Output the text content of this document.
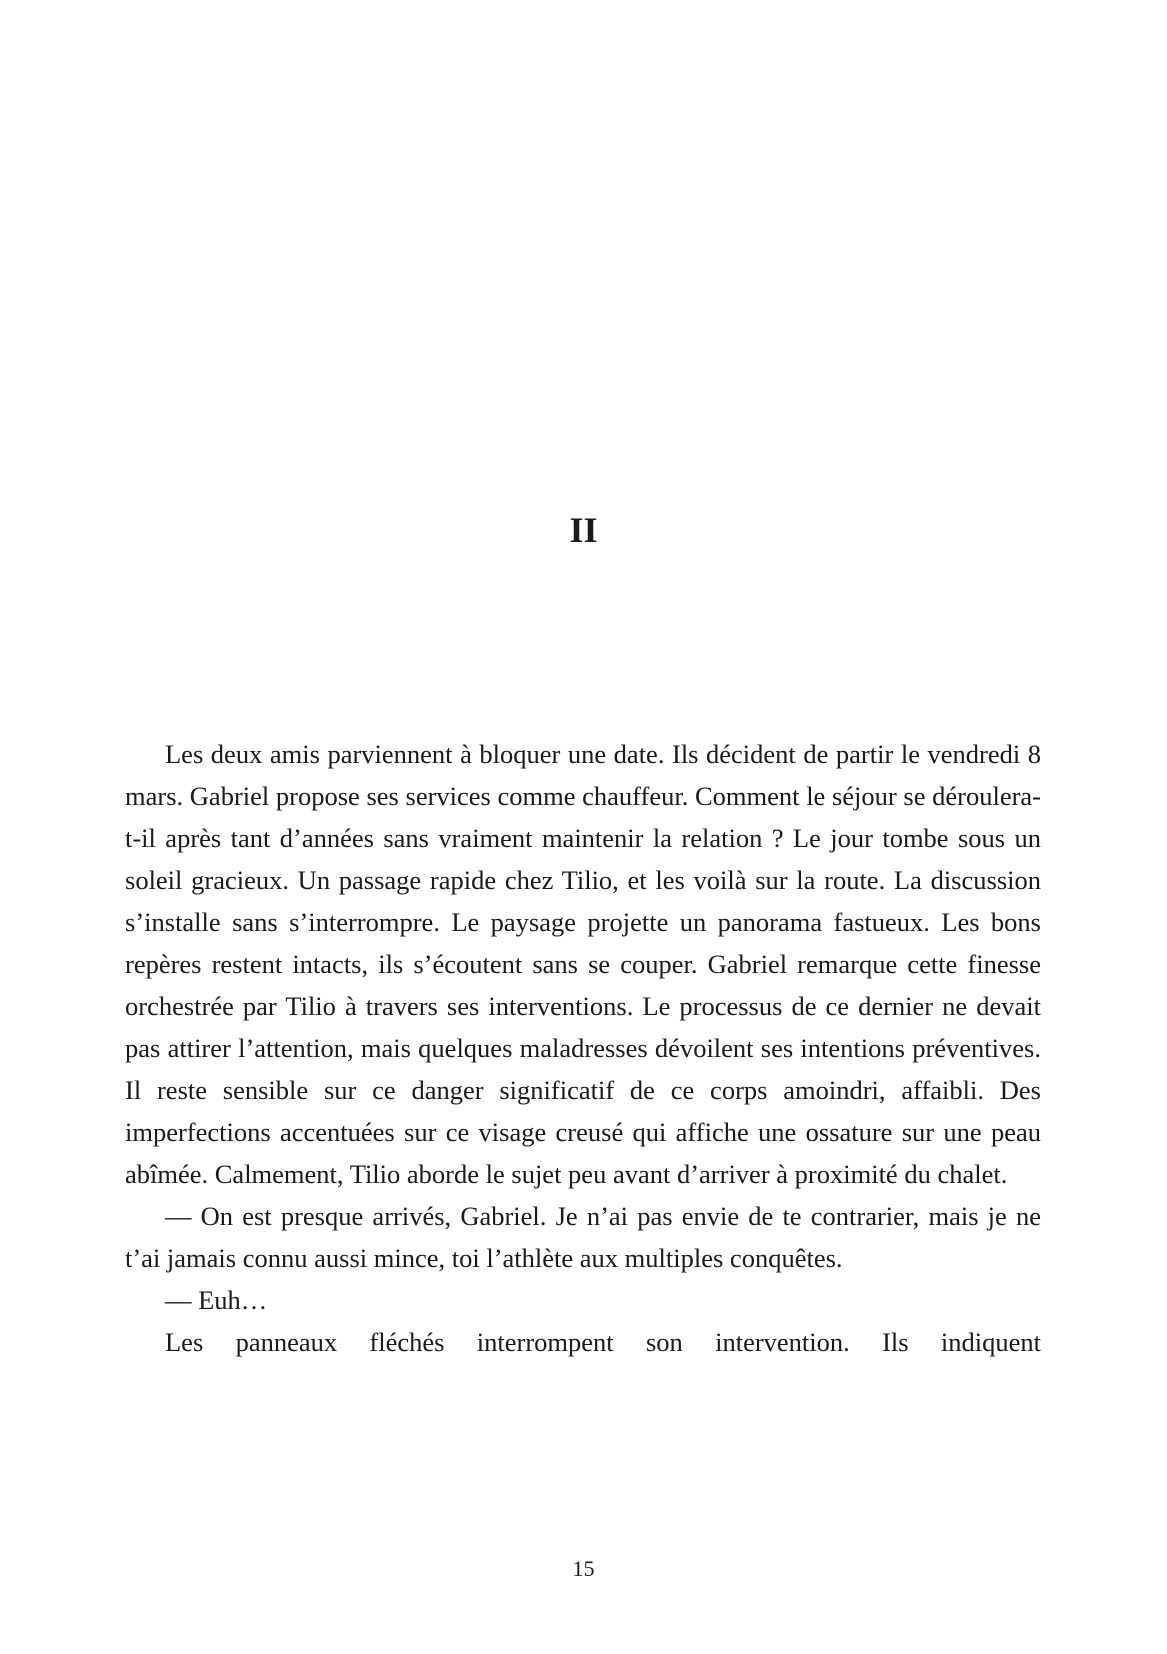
II

Les deux amis parviennent à bloquer une date. Ils décident de partir le vendredi 8 mars. Gabriel propose ses services comme chauffeur. Comment le séjour se déroulera-t-il après tant d’années sans vraiment maintenir la relation ? Le jour tombe sous un soleil gracieux. Un passage rapide chez Tilio, et les voilà sur la route. La discussion s’installe sans s’interrompre. Le paysage projette un panorama fastueux. Les bons repères restent intacts, ils s’écoutent sans se couper. Gabriel remarque cette finesse orchestrée par Tilio à travers ses interventions. Le processus de ce dernier ne devait pas attirer l’attention, mais quelques maladresses dévoilent ses intentions préventives. Il reste sensible sur ce danger significatif de ce corps amoindri, affaibli. Des imperfections accentuées sur ce visage creusé qui affiche une ossature sur une peau abîmée. Calmement, Tilio aborde le sujet peu avant d’arriver à proximité du chalet.

— On est presque arrivés, Gabriel. Je n’ai pas envie de te contrarier, mais je ne t’ai jamais connu aussi mince, toi l’athlète aux multiples conquêtes.

— Euh…

Les panneaux fléchés interrompent son intervention. Ils indiquent

15
